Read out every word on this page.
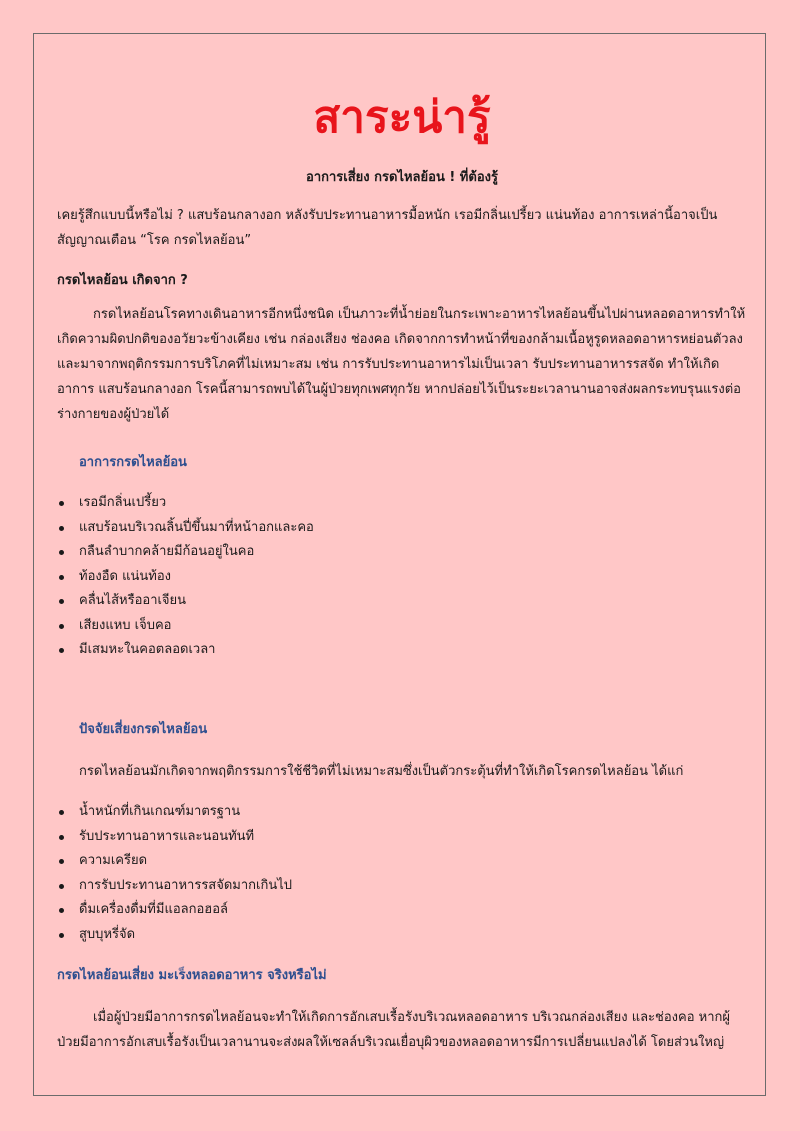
สาระน่ารู้
อาการเสี่ยง กรดไหลย้อน ! ที่ต้องรู้

เคยรู้สึกแบบนี้หรือไม่ ? แสบร้อนกลางอก หลังรับประทานอาหารมื้อหนัก เรอมีกลิ่นเปรี้ยว แน่นท้อง อาการเหล่านี้อาจเป็นสัญญาณเตือน “โรค กรดไหลย้อน”

กรดไหลย้อน เกิดจาก ?

กรดไหลย้อนโรคทางเดินอาหารอีกหนึ่งชนิด เป็นภาวะที่น้ำย่อยในกระเพาะอาหารไหลย้อนขึ้นไปผ่านหลอดอาหารทำให้เกิดความผิดปกติของอวัยวะข้างเคียง เช่น กล่องเสียง ช่องคอ เกิดจากการทำหน้าที่ของกล้ามเนื้อหูรูดหลอดอาหารหย่อนตัวลง และมาจากพฤติกรรมการบริโภคที่ไม่เหมาะสม เช่น การรับประทานอาหารไม่เป็นเวลา รับประทานอาหารรสจัด ทำให้เกิดอาการ แสบร้อนกลางอก โรคนี้สามารถพบได้ในผู้ป่วยทุกเพศทุกวัย หากปล่อยไว้เป็นระยะเวลานานอาจส่งผลกระทบรุนแรงต่อร่างกายของผู้ป่วยได้

อาการกรดไหลย้อน
เรอมีกลิ่นเปรี้ยว
แสบร้อนบริเวณลิ้นปี่ขึ้นมาที่หน้าอกและคอ
กลืนลำบากคล้ายมีก้อนอยู่ในคอ
ท้องอืด แน่นท้อง
คลื่นไส้หรืออาเจียน
เสียงแหบ เจ็บคอ
มีเสมหะในคอตลอดเวลา
ปัจจัยเสี่ยงกรดไหลย้อน

กรดไหลย้อนมักเกิดจากพฤติกรรมการใช้ชีวิตที่ไม่เหมาะสมซึ่งเป็นตัวกระตุ้นที่ทำให้เกิดโรคกรดไหลย้อน ได้แก่

น้ำหนักที่เกินเกณฑ์มาตรฐาน
รับประทานอาหารและนอนทันที
ความเครียด
การรับประทานอาหารรสจัดมากเกินไป
ดื่มเครื่องดื่มที่มีแอลกอฮอล์
สูบบุหรี่จัด
กรดไหลย้อนเสี่ยง มะเร็งหลอดอาหาร จริงหรือไม่

เมื่อผู้ป่วยมีอาการกรดไหลย้อนจะทำให้เกิดการอักเสบเรื้อรังบริเวณหลอดอาหาร บริเวณกล่องเสียง และช่องคอ หากผู้ป่วยมีอาการอักเสบเรื้อรังเป็นเวลานานจะส่งผลให้เซลล์บริเวณเยื่อบุผิวของหลอดอาหารมีการเปลี่ยนแปลงได้ โดยส่วนใหญ่
